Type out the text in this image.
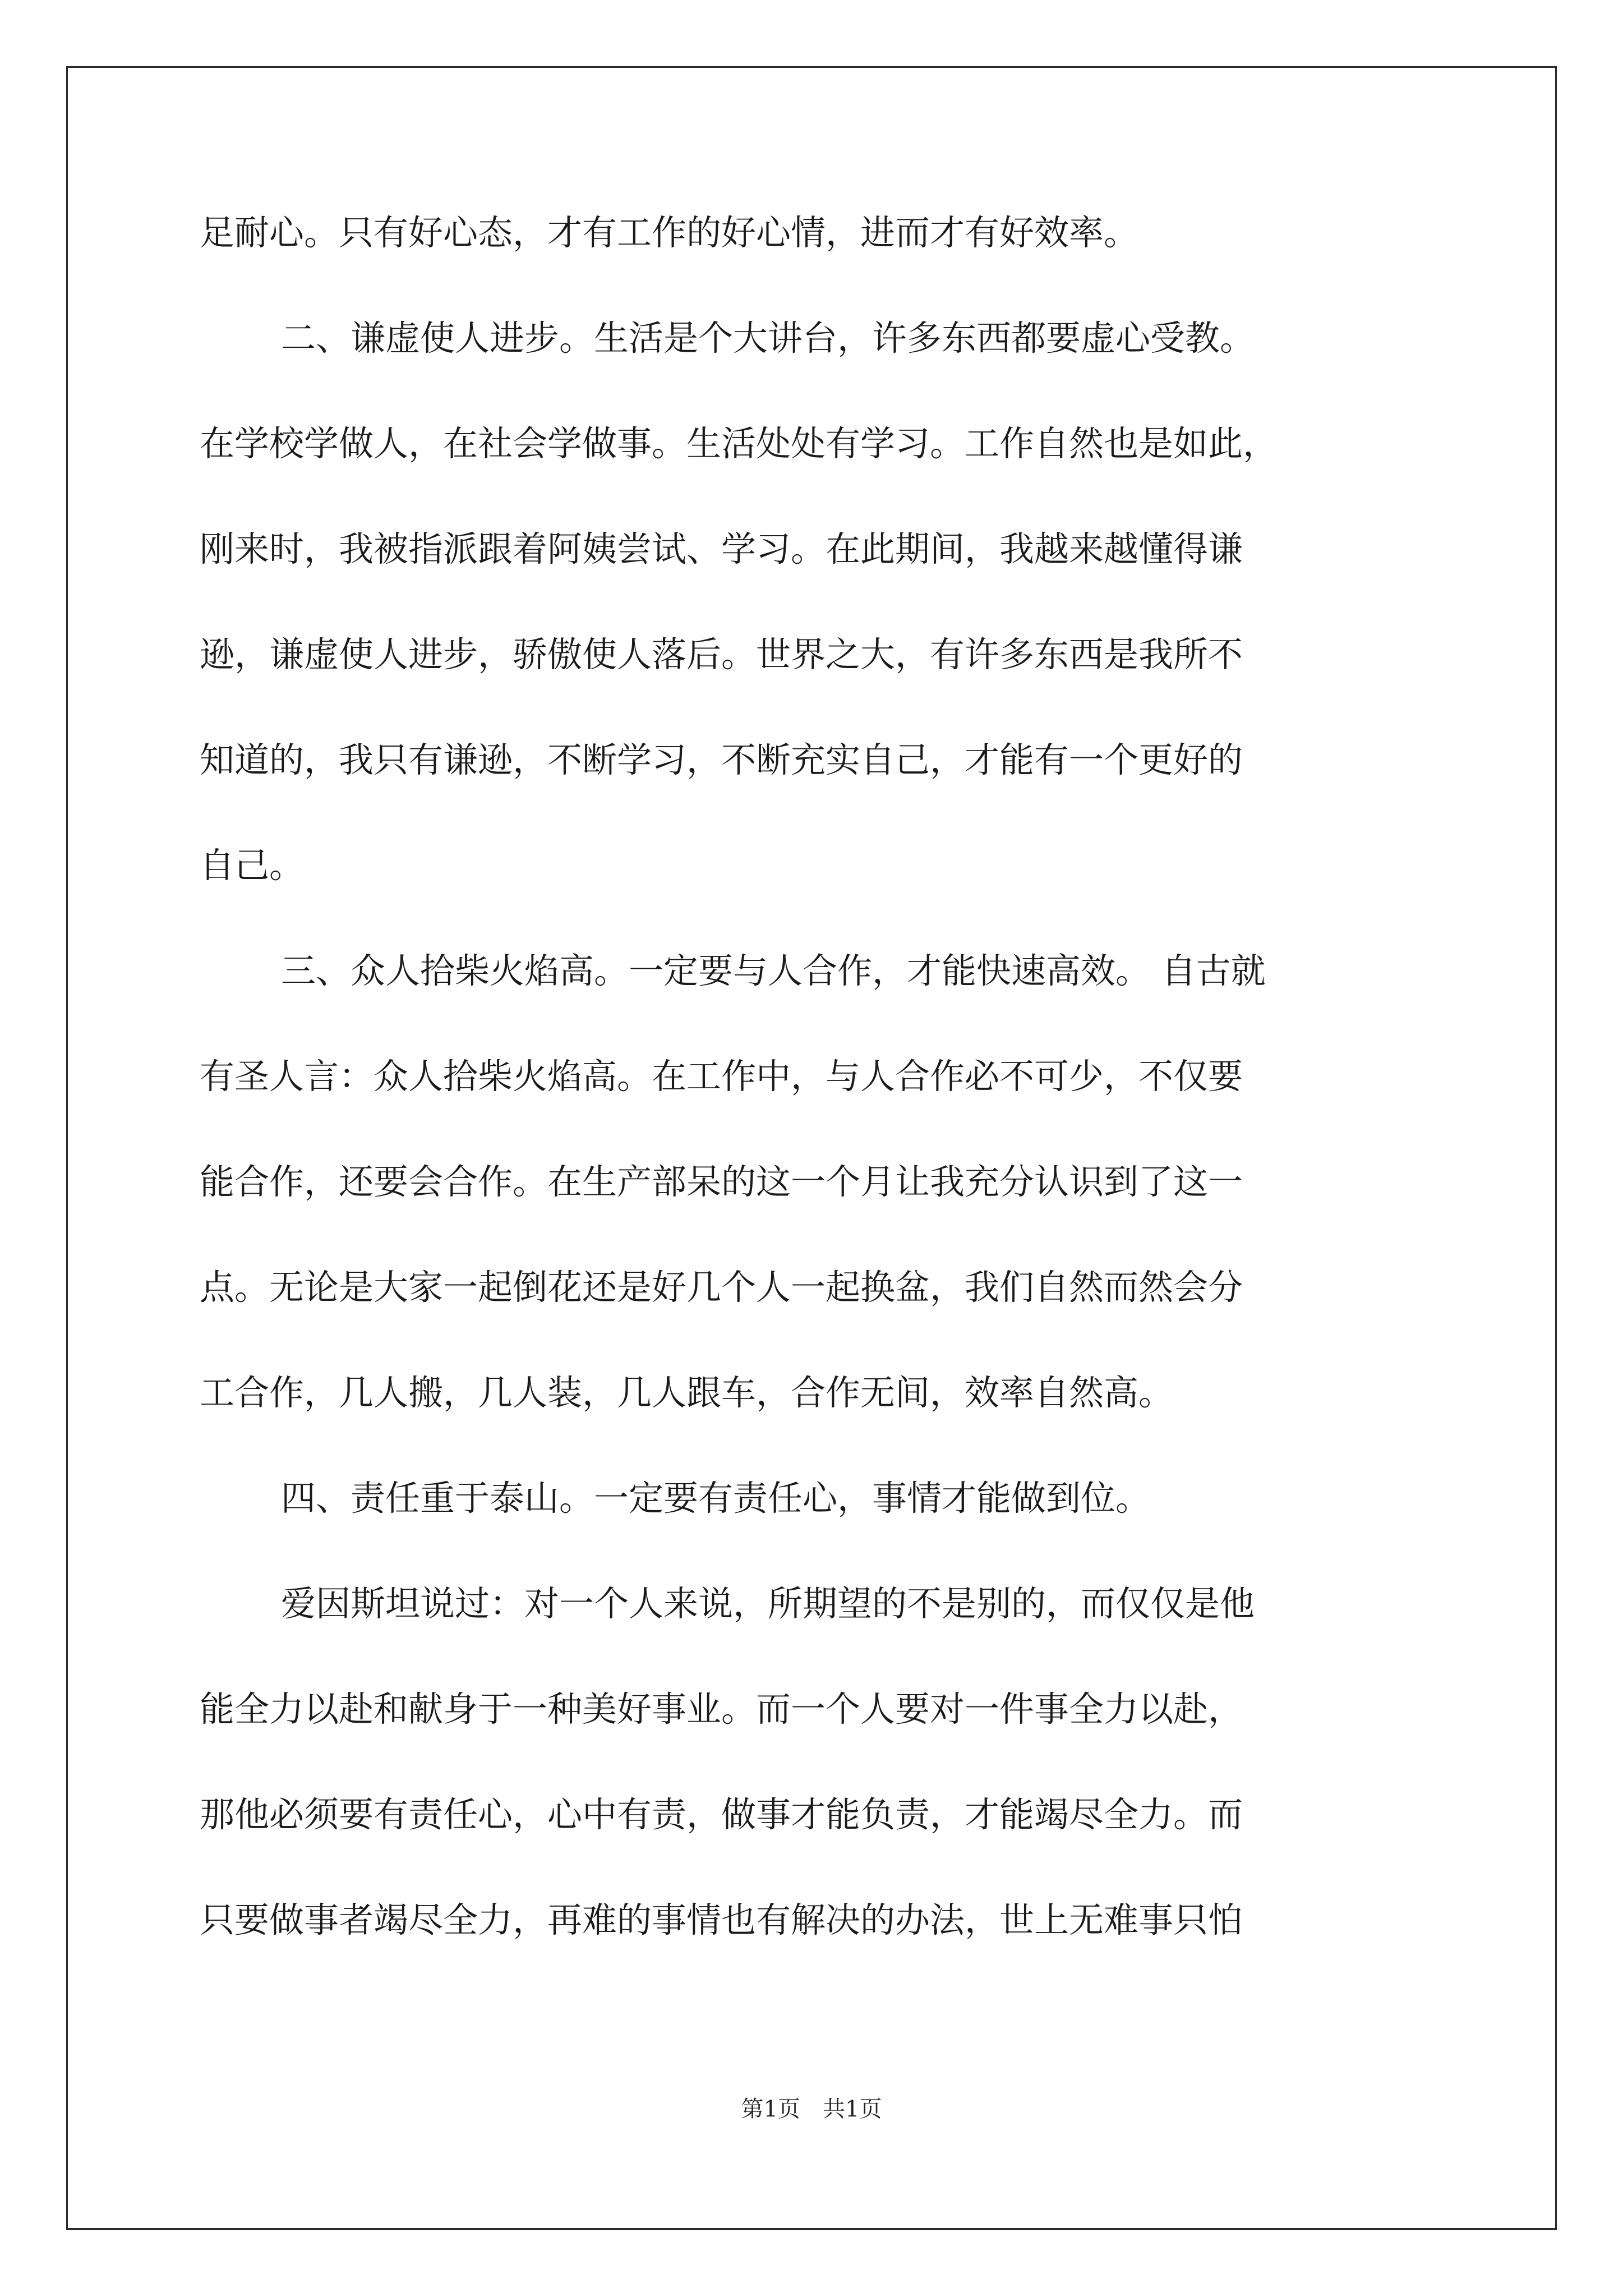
足耐心。只有好心态，才有工作的好心情，进而才有好效率。
二、谦虚使人进步。生活是个大讲台，许多东西都要虚心受教。
在学校学做人，在社会学做事。生活处处有学习。工作自然也是如此，
刚来时，我被指派跟着阿姨尝试、学习。在此期间，我越来越懂得谦
逊，谦虚使人进步，骄傲使人落后。世界之大，有许多东西是我所不
知道的，我只有谦逊，不断学习，不断充实自己，才能有一个更好的
自己。
三、众人拾柴火焰高。一定要与人合作，才能快速高效。 自古就
有圣人言：众人拾柴火焰高。在工作中，与人合作必不可少，不仅要
能合作，还要会合作。在生产部呆的这一个月让我充分认识到了这一
点。无论是大家一起倒花还是好几个人一起换盆，我们自然而然会分
工合作，几人搬，几人装，几人跟车，合作无间，效率自然高。
四、责任重于泰山。一定要有责任心，事情才能做到位。
爱因斯坦说过：对一个人来说，所期望的不是别的，而仅仅是他
能全力以赴和献身于一种美好事业。而一个人要对一件事全力以赴，
那他必须要有责任心，心中有责，做事才能负责，才能竭尽全力。而
只要做事者竭尽全力，再难的事情也有解决的办法，世上无难事只怕
第1页　共1页
